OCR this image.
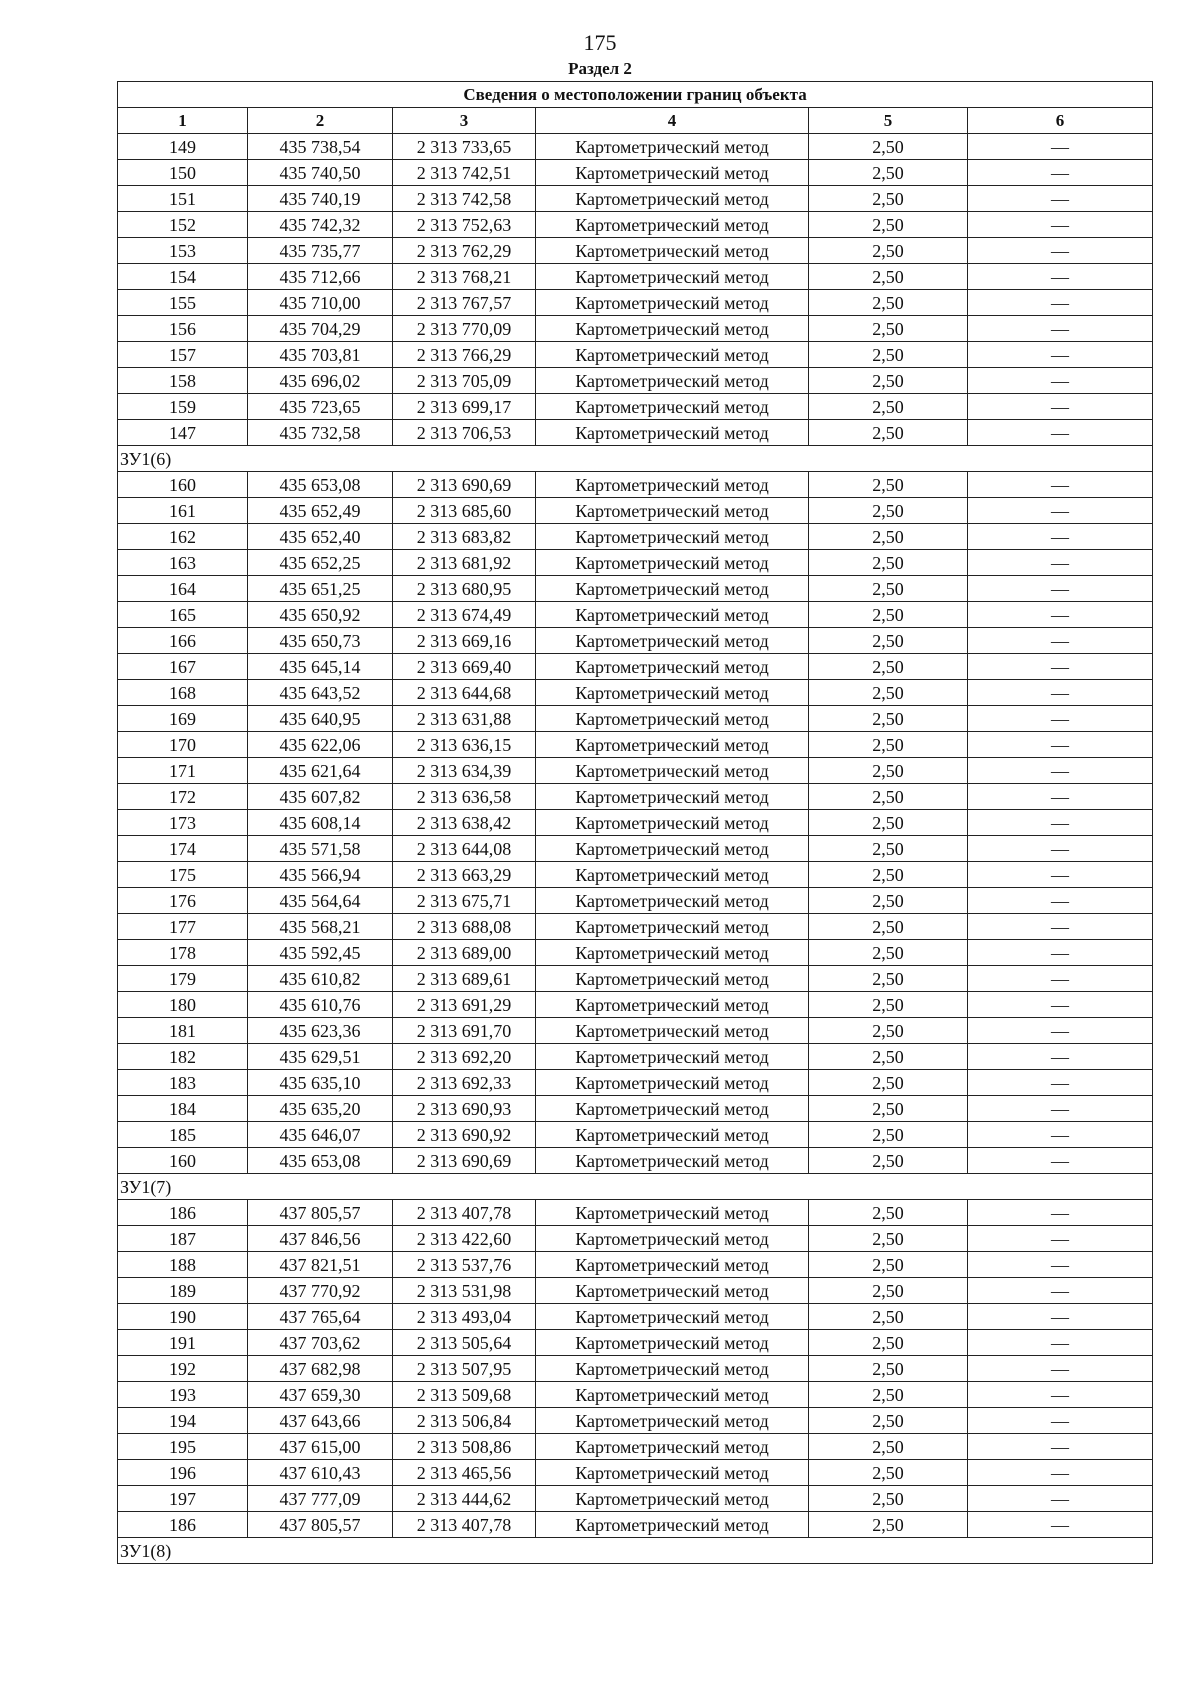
175
Раздел 2
Сведения о местоположении границ объекта					
1	2	3	4	5	6
149	435 738,54	2 313 733,65	Картометрический метод	2,50	—
150	435 740,50	2 313 742,51	Картометрический метод	2,50	—
151	435 740,19	2 313 742,58	Картометрический метод	2,50	—
152	435 742,32	2 313 752,63	Картометрический метод	2,50	—
153	435 735,77	2 313 762,29	Картометрический метод	2,50	—
154	435 712,66	2 313 768,21	Картометрический метод	2,50	—
155	435 710,00	2 313 767,57	Картометрический метод	2,50	—
156	435 704,29	2 313 770,09	Картометрический метод	2,50	—
157	435 703,81	2 313 766,29	Картометрический метод	2,50	—
158	435 696,02	2 313 705,09	Картометрический метод	2,50	—
159	435 723,65	2 313 699,17	Картометрический метод	2,50	—
147	435 732,58	2 313 706,53	Картометрический метод	2,50	—
ЗУ1(6)					
160	435 653,08	2 313 690,69	Картометрический метод	2,50	—
161	435 652,49	2 313 685,60	Картометрический метод	2,50	—
162	435 652,40	2 313 683,82	Картометрический метод	2,50	—
163	435 652,25	2 313 681,92	Картометрический метод	2,50	—
164	435 651,25	2 313 680,95	Картометрический метод	2,50	—
165	435 650,92	2 313 674,49	Картометрический метод	2,50	—
166	435 650,73	2 313 669,16	Картометрический метод	2,50	—
167	435 645,14	2 313 669,40	Картометрический метод	2,50	—
168	435 643,52	2 313 644,68	Картометрический метод	2,50	—
169	435 640,95	2 313 631,88	Картометрический метод	2,50	—
170	435 622,06	2 313 636,15	Картометрический метод	2,50	—
171	435 621,64	2 313 634,39	Картометрический метод	2,50	—
172	435 607,82	2 313 636,58	Картометрический метод	2,50	—
173	435 608,14	2 313 638,42	Картометрический метод	2,50	—
174	435 571,58	2 313 644,08	Картометрический метод	2,50	—
175	435 566,94	2 313 663,29	Картометрический метод	2,50	—
176	435 564,64	2 313 675,71	Картометрический метод	2,50	—
177	435 568,21	2 313 688,08	Картометрический метод	2,50	—
178	435 592,45	2 313 689,00	Картометрический метод	2,50	—
179	435 610,82	2 313 689,61	Картометрический метод	2,50	—
180	435 610,76	2 313 691,29	Картометрический метод	2,50	—
181	435 623,36	2 313 691,70	Картометрический метод	2,50	—
182	435 629,51	2 313 692,20	Картометрический метод	2,50	—
183	435 635,10	2 313 692,33	Картометрический метод	2,50	—
184	435 635,20	2 313 690,93	Картометрический метод	2,50	—
185	435 646,07	2 313 690,92	Картометрический метод	2,50	—
160	435 653,08	2 313 690,69	Картометрический метод	2,50	—
ЗУ1(7)					
186	437 805,57	2 313 407,78	Картометрический метод	2,50	—
187	437 846,56	2 313 422,60	Картометрический метод	2,50	—
188	437 821,51	2 313 537,76	Картометрический метод	2,50	—
189	437 770,92	2 313 531,98	Картометрический метод	2,50	—
190	437 765,64	2 313 493,04	Картометрический метод	2,50	—
191	437 703,62	2 313 505,64	Картометрический метод	2,50	—
192	437 682,98	2 313 507,95	Картометрический метод	2,50	—
193	437 659,30	2 313 509,68	Картометрический метод	2,50	—
194	437 643,66	2 313 506,84	Картометрический метод	2,50	—
195	437 615,00	2 313 508,86	Картометрический метод	2,50	—
196	437 610,43	2 313 465,56	Картометрический метод	2,50	—
197	437 777,09	2 313 444,62	Картометрический метод	2,50	—
186	437 805,57	2 313 407,78	Картометрический метод	2,50	—
ЗУ1(8)					
